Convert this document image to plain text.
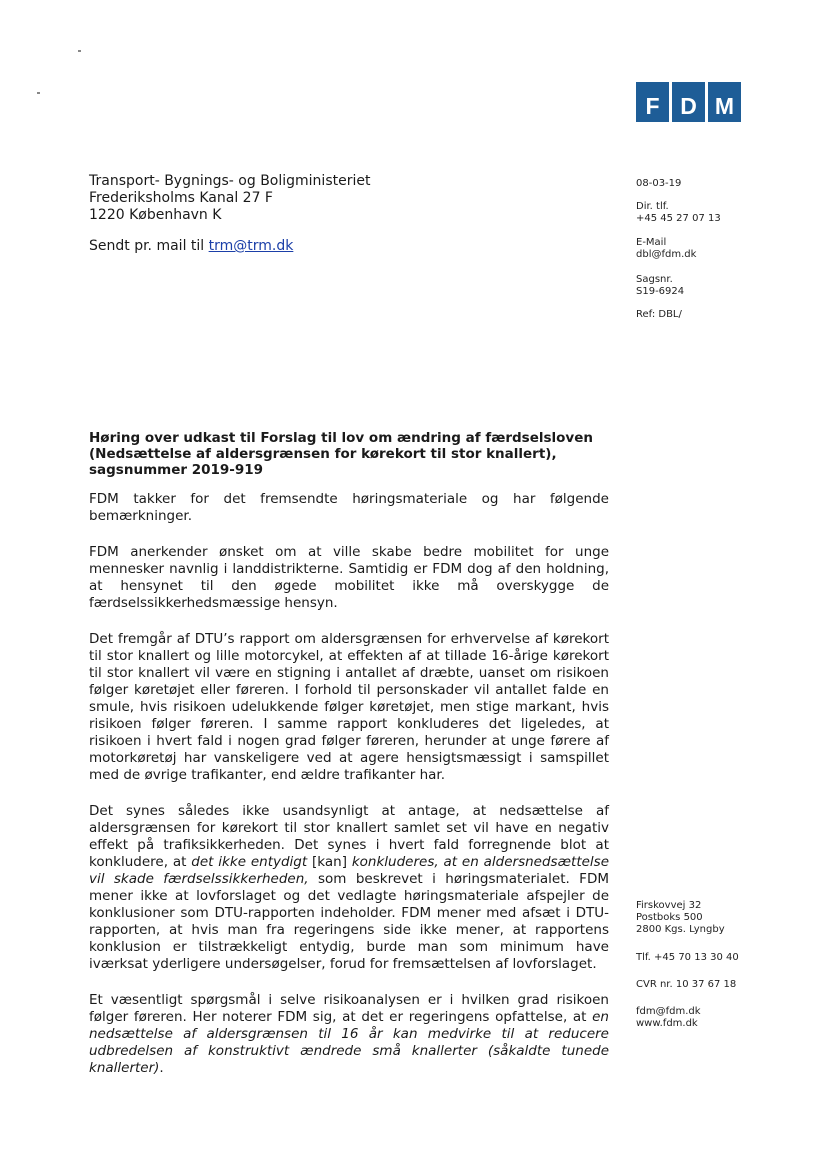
F D M
Transport- Bygnings- og Boligministeriet
Frederiksholms Kanal 27 F
1220 København K
Sendt pr. mail til trm@trm.dk
08-03-19
Dir. tlf.
+45 45 27 07 13
E-Mail
dbl@fdm.dk
Sagsnr.
S19-6924
Ref: DBL/
Firskovvej 32
Postboks 500
2800 Kgs. Lyngby
Tlf. +45 70 13 30 40
CVR nr. 10 37 67 18
fdm@fdm.dk
www.fdm.dk
Høring over udkast til Forslag til lov om ændring af færdselsloven (Nedsættelse af aldersgrænsen for kørekort til stor knallert), sagsnummer 2019-919

FDM takker for det fremsendte høringsmateriale og har følgende bemærkninger.

FDM anerkender ønsket om at ville skabe bedre mobilitet for unge mennesker navnlig i landdistrikterne. Samtidig er FDM dog af den holdning, at hensynet til den øgede mobilitet ikke må overskygge de færdselssikkerhedsmæssige hensyn.

Det fremgår af DTU’s rapport om aldersgrænsen for erhvervelse af kørekort til stor knallert og lille motorcykel, at effekten af at tillade 16-årige kørekort til stor knallert vil være en stigning i antallet af dræbte, uanset om risikoen følger køretøjet eller føreren. I forhold til personskader vil antallet falde en smule, hvis risikoen udelukkende følger køretøjet, men stige markant, hvis risikoen følger føreren. I samme rapport konkluderes det ligeledes, at risikoen i hvert fald i nogen grad følger føreren, herunder at unge førere af motorkøretøj har vanskeligere ved at agere hensigtsmæssigt i samspillet med de øvrige trafikanter, end ældre trafikanter har.

Det synes således ikke usandsynligt at antage, at nedsættelse af aldersgrænsen for kørekort til stor knallert samlet set vil have en negativ effekt på trafiksikkerheden. Det synes i hvert fald forregnende blot at konkludere, at det ikke entydigt [kan] konkluderes, at en aldersnedsættelse vil skade færdselssikkerheden, som beskrevet i høringsmaterialet. FDM mener ikke at lovforslaget og det vedlagte høringsmateriale afspejler de konklusioner som DTU-rapporten indeholder. FDM mener med afsæt i DTU-rapporten, at hvis man fra regeringens side ikke mener, at rapportens konklusion er tilstrækkeligt entydig, burde man som minimum have iværksat yderligere undersøgelser, forud for fremsættelsen af lovforslaget.

Et væsentligt spørgsmål i selve risikoanalysen er i hvilken grad risikoen følger føreren. Her noterer FDM sig, at det er regeringens opfattelse, at en nedsættelse af aldersgrænsen til 16 år kan medvirke til at reducere udbredelsen af konstruktivt ændrede små knallerter (såkaldte tunede knallerter).
